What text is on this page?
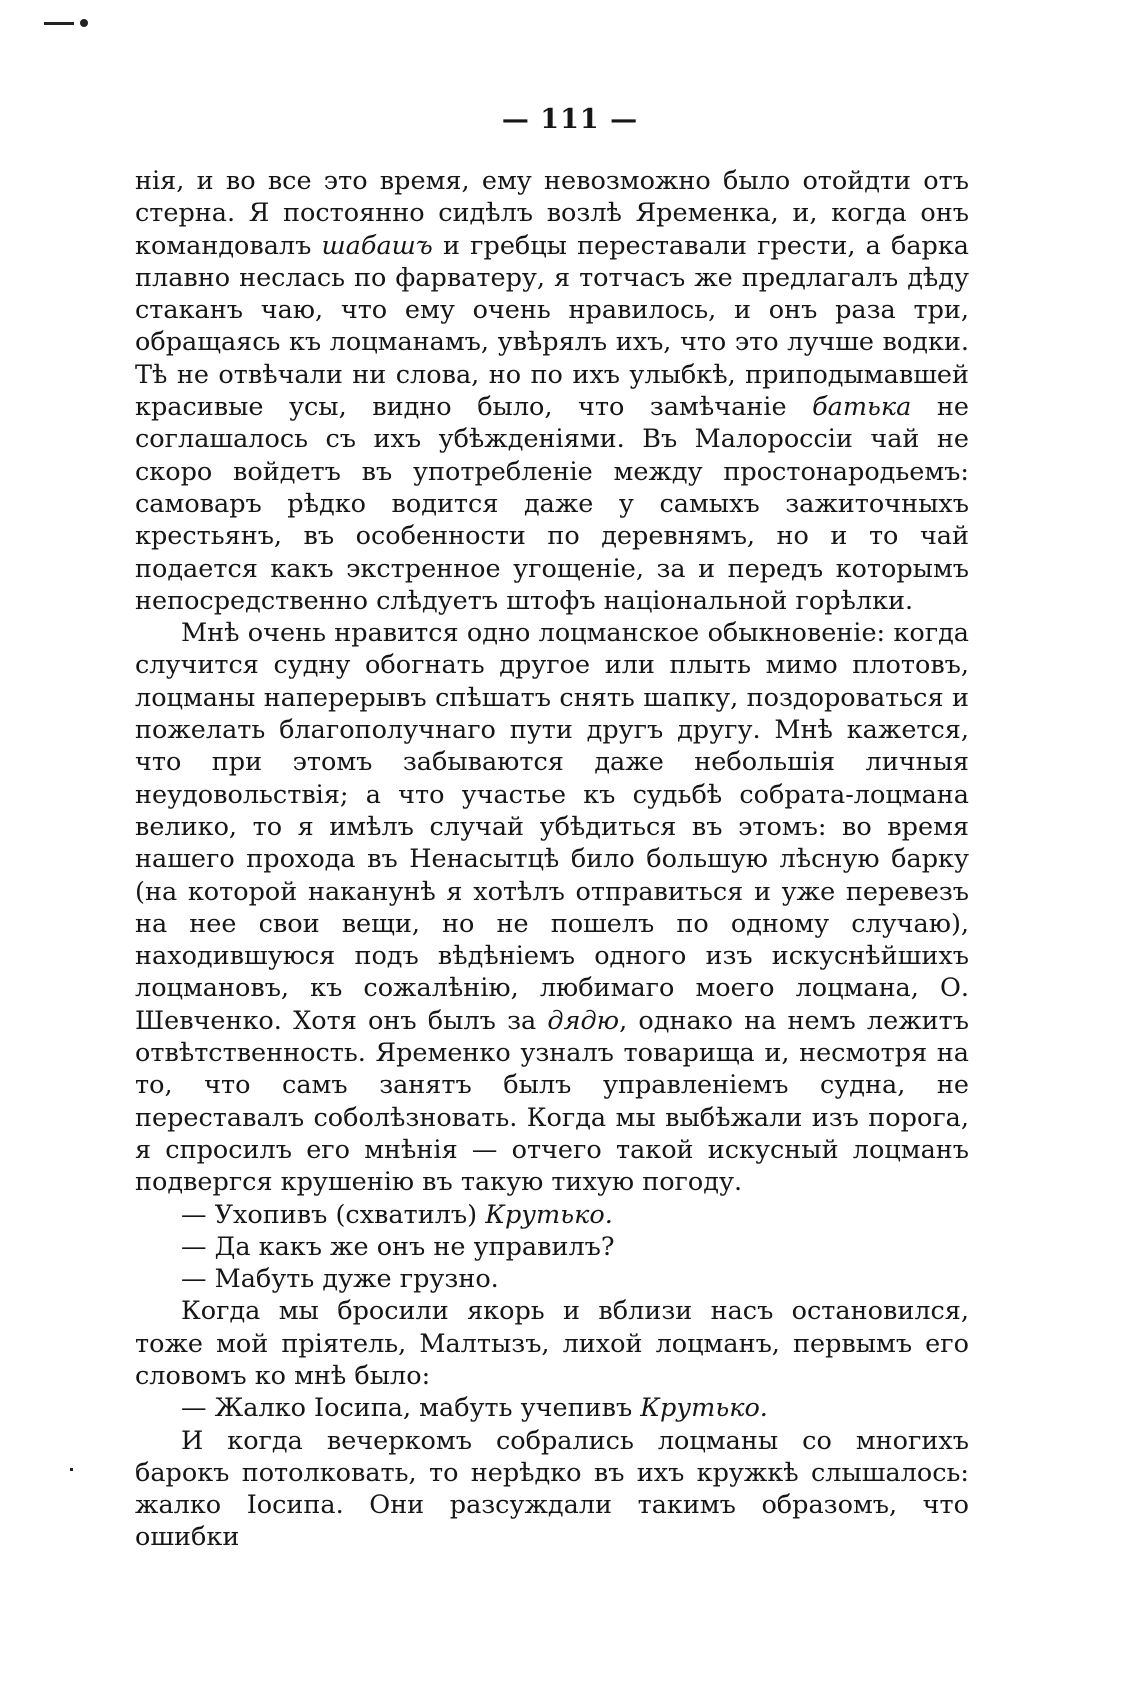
— 111 —

нія, и во все это время, ему невозможно было отойдти отъ стерна. Я постоянно сидѣлъ возлѣ Яременка, и, когда онъ командовалъ шабашъ и гребцы переставали грести, а барка плавно неслась по фарватеру, я тотчасъ же предлагалъ дѣду стаканъ чаю, что ему очень нравилось, и онъ раза три, обращаясь къ лоцманамъ, увѣрялъ ихъ, что это лучше водки. Тѣ не отвѣчали ни слова, но по ихъ улыбкѣ, приподымавшей красивые усы, видно было, что замѣчаніе батька не соглашалось съ ихъ убѣжденіями. Въ Малороссіи чай не скоро войдетъ въ употребленіе между простонародьемъ: самоваръ рѣдко водится даже у самыхъ зажиточныхъ крестьянъ, въ особенности по деревнямъ, но и то чай подается какъ экстренное угощеніе, за и передъ которымъ непосредственно слѣдуетъ штофъ національной горѣлки.

Мнѣ очень нравится одно лоцманское обыкновеніе: когда случится судну обогнать другое или плыть мимо плотовъ, лоцманы наперерывъ спѣшатъ снять шапку, поздороваться и пожелать благополучнаго пути другъ другу. Мнѣ кажется, что при этомъ забываются даже небольшія личныя неудовольствія; а что участье къ судьбѣ собрата-лоцмана велико, то я имѣлъ случай убѣдиться въ этомъ: во время нашего прохода въ Ненасытцѣ било большую лѣсную барку (на которой наканунѣ я хотѣлъ отправиться и уже перевезъ на нее свои вещи, но не пошелъ по одному случаю), находившуюся подъ вѣдѣніемъ одного изъ искуснѣйшихъ лоцмановъ, къ сожалѣнію, любимаго моего лоцмана, О. Шевченко. Хотя онъ былъ за дядю, однако на немъ лежитъ отвѣтственность. Яременко узналъ товарища и, несмотря на то, что самъ занятъ былъ управленіемъ судна, не переставалъ соболѣзновать. Когда мы выбѣжали изъ порога, я спросилъ его мнѣнія — отчего такой искусный лоцманъ подвергся крушенію въ такую тихую погоду.

— Ухопивъ (схватилъ) Крутько.

— Да какъ же онъ не управилъ?

— Мабуть дуже грузно.

Когда мы бросили якорь и вблизи насъ остановился, тоже мой пріятель, Малтызъ, лихой лоцманъ, первымъ его словомъ ко мнѣ было:

— Жалко Іосипа, мабуть учепивъ Крутько.

И когда вечеркомъ собрались лоцманы со многихъ барокъ потолковать, то нерѣдко въ ихъ кружкѣ слышалось: жалко Іосипа. Они разсуждали такимъ образомъ, что ошибки
